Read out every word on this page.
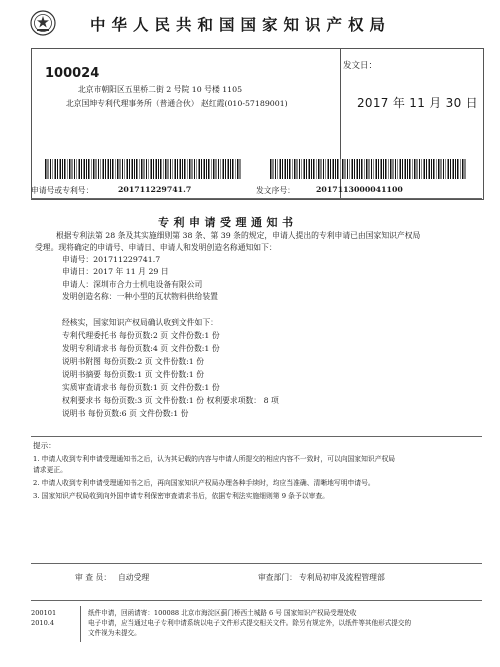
中华人民共和国国家知识产权局
100024
北京市朝阳区五里桥二街 2 号院 10 号楼 1105
北京国坤专利代理事务所（普通合伙） 赵红霞(010-57189001)
发文日：
2017 年 11 月 30 日
申请号或专利号：	201711229741.7	发文序号：	2017113000041100
专利申请受理通知书
根据专利法第 28 条及其实施细则第 38 条、第 39 条的规定，申请人提出的专利申请已由国家知识产权局
受理。现将确定的申请号、申请日、申请人和发明创造名称通知如下：
申请号：201711229741.7
申请日：2017 年 11 月 29 日
申请人：深圳市合力士机电设备有限公司
发明创造名称：一种小型的瓦状物料供给装置
经核实，国家知识产权局确认收到文件如下：
专利代理委托书 每份页数:2 页 文件份数:1 份
发明专利请求书 每份页数:4 页 文件份数:1 份
说明书附图 每份页数:2 页 文件份数:1 份
说明书摘要 每份页数:1 页 文件份数:1 份
实质审查请求书 每份页数:1 页 文件份数:1 份
权利要求书 每份页数:3 页 文件份数:1 份 权利要求项数： 8 项
说明书 每份页数:6 页 文件份数:1 份
提示：
1. 申请人收到专利申请受理通知书之后，认为其记载的内容与申请人所提交的相应内容不一致时，可以向国家知识产权局
请求更正。
2. 申请人收到专利申请受理通知书之后，再向国家知识产权局办理各种手续时，均应当准确、清晰地写明申请号。
3. 国家知识产权局收到向外国申请专利保密审查请求书后，依据专利法实施细则第 9 条予以审查。
审 查 员： 自动受理	审查部门： 专利局初审及流程管理部
200101
2010.4
纸件申请，回函请寄：100088 北京市海淀区蓟门桥西土城路 6 号 国家知识产权局受理处收
电子申请，应当通过电子专利申请系统以电子文件形式提交相关文件。除另有规定外，以纸件等其他形式提交的
文件视为未提交。
